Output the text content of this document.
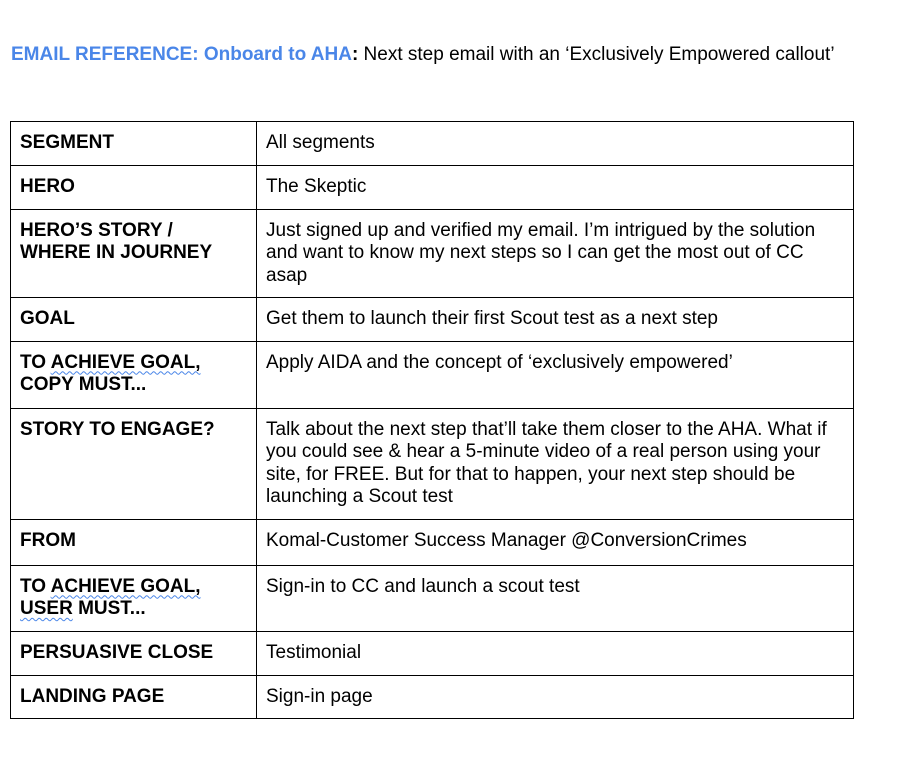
EMAIL REFERENCE: Onboard to AHA: Next step email with an ‘Exclusively Empowered callout’
SEGMENT	All segments
HERO	The Skeptic
HERO’S STORY / WHERE IN JOURNEY	Just signed up and verified my email. I’m intrigued by the solution and want to know my next steps so I can get the most out of CC asap
GOAL	Get them to launch their first Scout test as a next step
TO ACHIEVE GOAL, COPY MUST...	Apply AIDA and the concept of ‘exclusively empowered’
STORY TO ENGAGE?	Talk about the next step that’ll take them closer to the AHA. What if you could see & hear a 5-minute video of a real person using your site, for FREE. But for that to happen, your next step should be launching a Scout test
FROM	Komal-Customer Success Manager @ConversionCrimes
TO ACHIEVE GOAL, USER MUST...	Sign-in to CC and launch a scout test
PERSUASIVE CLOSE	Testimonial
LANDING PAGE	Sign-in page
